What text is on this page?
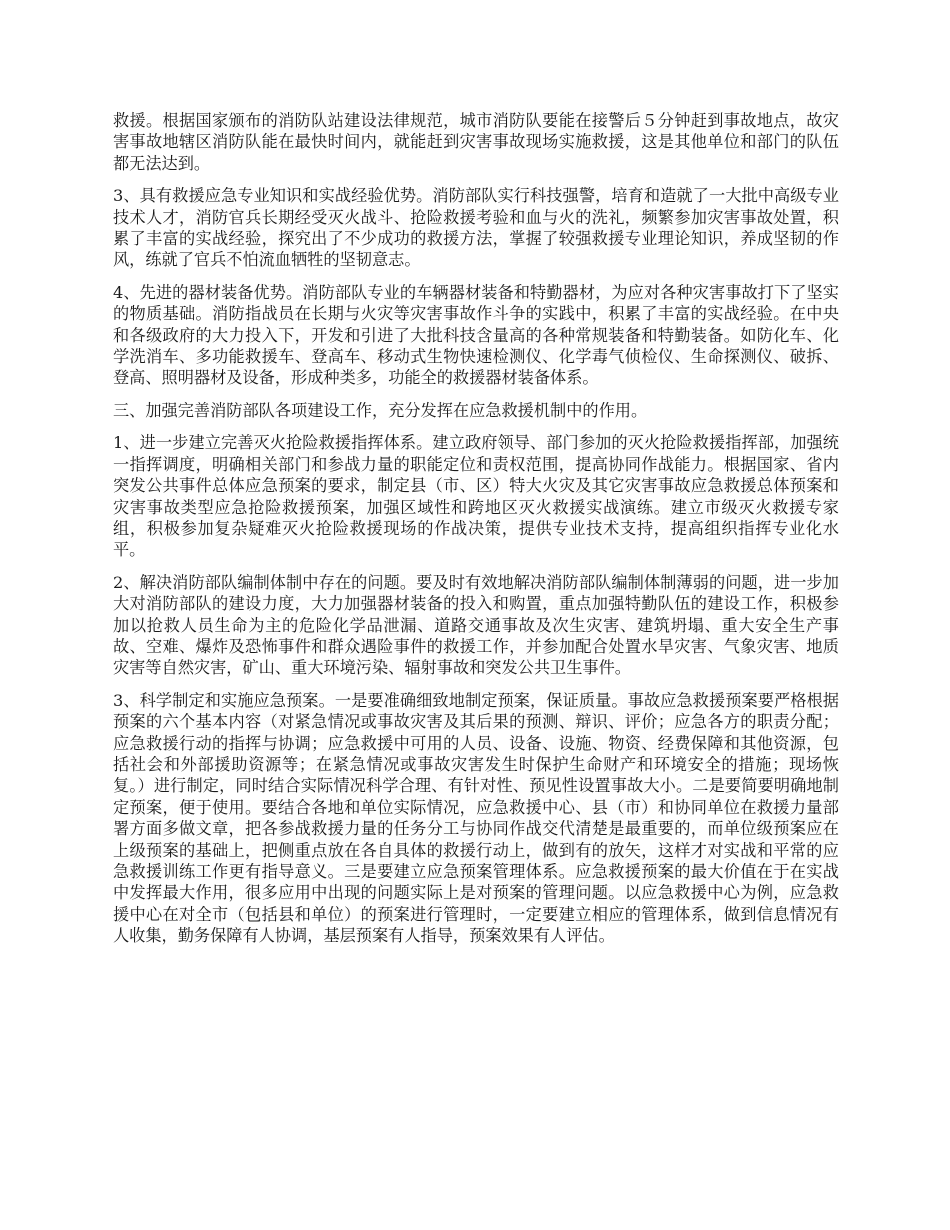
救援。根据国家颁布的消防队站建设法律规范，城市消防队要能在接警后５分钟赶到事故地点，故灾害事故地辖区消防队能在最快时间内，就能赶到灾害事故现场实施救援，这是其他单位和部门的队伍都无法达到。

3、具有救援应急专业知识和实战经验优势。消防部队实行科技强警，培育和造就了一大批中高级专业技术人才，消防官兵长期经受灭火战斗、抢险救援考验和血与火的洗礼，频繁参加灾害事故处置，积累了丰富的实战经验，探究出了不少成功的救援方法，掌握了较强救援专业理论知识，养成坚韧的作风，练就了官兵不怕流血牺牲的坚韧意志。

4、先进的器材装备优势。消防部队专业的车辆器材装备和特勤器材，为应对各种灾害事故打下了坚实的物质基础。消防指战员在长期与火灾等灾害事故作斗争的实践中，积累了丰富的实战经验。在中央和各级政府的大力投入下，开发和引进了大批科技含量高的各种常规装备和特勤装备。如防化车、化学洗消车、多功能救援车、登高车、移动式生物快速检测仪、化学毒气侦检仪、生命探测仪、破拆、登高、照明器材及设备，形成种类多，功能全的救援器材装备体系。

三、加强完善消防部队各项建设工作，充分发挥在应急救援机制中的作用。

1、进一步建立完善灭火抢险救援指挥体系。建立政府领导、部门参加的灭火抢险救援指挥部，加强统一指挥调度，明确相关部门和参战力量的职能定位和责权范围，提高协同作战能力。根据国家、省内突发公共事件总体应急预案的要求，制定县（市、区）特大火灾及其它灾害事故应急救援总体预案和灾害事故类型应急抢险救援预案，加强区域性和跨地区灭火救援实战演练。建立市级灭火救援专家组，积极参加复杂疑难灭火抢险救援现场的作战决策，提供专业技术支持，提高组织指挥专业化水平。

2、解决消防部队编制体制中存在的问题。要及时有效地解决消防部队编制体制薄弱的问题，进一步加大对消防部队的建设力度，大力加强器材装备的投入和购置，重点加强特勤队伍的建设工作，积极参加以抢救人员生命为主的危险化学品泄漏、道路交通事故及次生灾害、建筑坍塌、重大安全生产事故、空难、爆炸及恐怖事件和群众遇险事件的救援工作，并参加配合处置水旱灾害、气象灾害、地质灾害等自然灾害，矿山、重大环境污染、辐射事故和突发公共卫生事件。

3、科学制定和实施应急预案。一是要准确细致地制定预案，保证质量。事故应急救援预案要严格根据预案的六个基本内容（对紧急情况或事故灾害及其后果的预测、辩识、评价；应急各方的职责分配；应急救援行动的指挥与协调；应急救援中可用的人员、设备、设施、物资、经费保障和其他资源，包括社会和外部援助资源等；在紧急情况或事故灾害发生时保护生命财产和环境安全的措施；现场恢复。）进行制定，同时结合实际情况科学合理、有针对性、预见性设置事故大小。二是要简要明确地制定预案，便于使用。要结合各地和单位实际情况，应急救援中心、县（市）和协同单位在救援力量部署方面多做文章，把各参战救援力量的任务分工与协同作战交代清楚是最重要的，而单位级预案应在上级预案的基础上，把侧重点放在各自具体的救援行动上，做到有的放矢，这样才对实战和平常的应急救援训练工作更有指导意义。三是要建立应急预案管理体系。应急救援预案的最大价值在于在实战中发挥最大作用，很多应用中出现的问题实际上是对预案的管理问题。以应急救援中心为例，应急救援中心在对全市（包括县和单位）的预案进行管理时，一定要建立相应的管理体系，做到信息情况有人收集，勤务保障有人协调，基层预案有人指导，预案效果有人评估。
